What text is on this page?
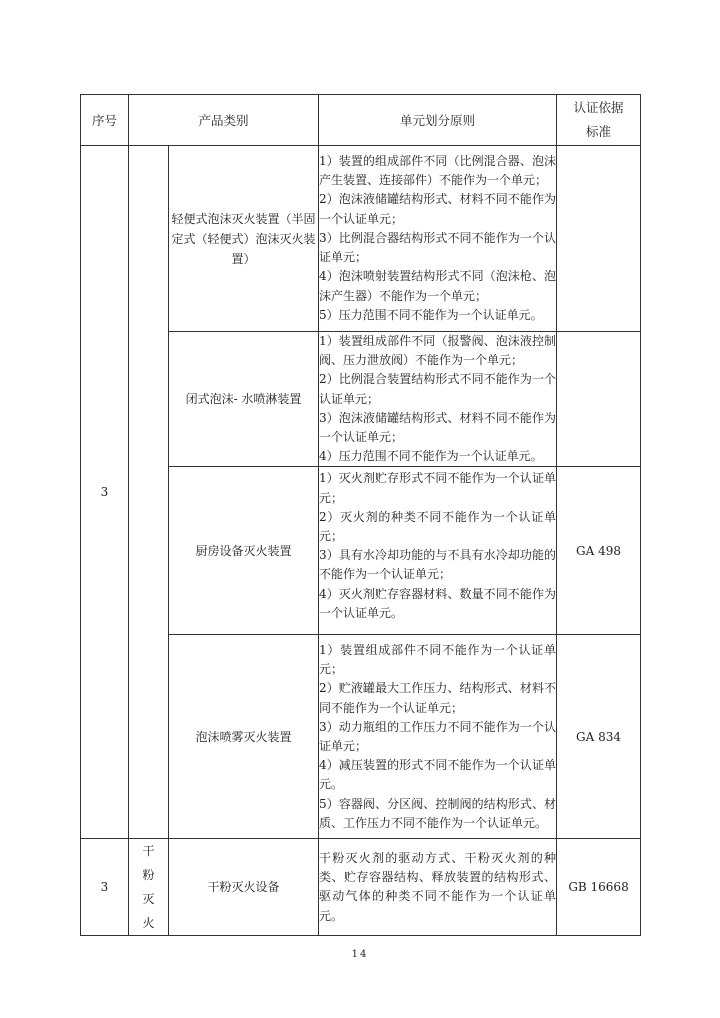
序号	产品类别		单元划分原则	认证依据
标准

3		轻便式泡沫灭火装置（半固定式（轻便式）泡沫灭火装置）	1）装置的组成部件不同（比例混合器、泡沫产生装置、连接部件）不能作为一个单元；
2）泡沫液储罐结构形式、材料不同不能作为一个认证单元；
3）比例混合器结构形式不同不能作为一个认证单元；
4）泡沫喷射装置结构形式不同（泡沫枪、泡沫产生器）不能作为一个单元；
5）压力范围不同不能作为一个认证单元。	

		闭式泡沫- 水喷淋装置	1）装置组成部件不同（报警阀、泡沫液控制阀、压力泄放阀）不能作为一个单元；
2）比例混合装置结构形式不同不能作为一个认证单元；
3）泡沫液储罐结构形式、材料不同不能作为一个认证单元；
4）压力范围不同不能作为一个认证单元。	

		厨房设备灭火装置	1）灭火剂贮存形式不同不能作为一个认证单元；
2）灭火剂的种类不同不能作为一个认证单元；
3）具有水冷却功能的与不具有水冷却功能的不能作为一个认证单元；
4）灭火剂贮存容器材料、数量不同不能作为一个认证单元。	GA 498
		泡沫喷雾灭火装置	1）装置组成部件不同不能作为一个认证单元；
2）贮液罐最大工作压力、结构形式、材料不同不能作为一个认证单元；
3）动力瓶组的工作压力不同不能作为一个认证单元；
4）减压装置的形式不同不能作为一个认证单元。
5）容器阀、分区阀、控制阀的结构形式、材质、工作压力不同不能作为一个认证单元。	GA 834
3	干
粉
灭
火	干粉灭火设备	干粉灭火剂的驱动方式、干粉灭火剂的种类、贮存容器结构、释放装置的结构形式、驱动气体的种类不同不能作为一个认证单元。	GB 16668
14
